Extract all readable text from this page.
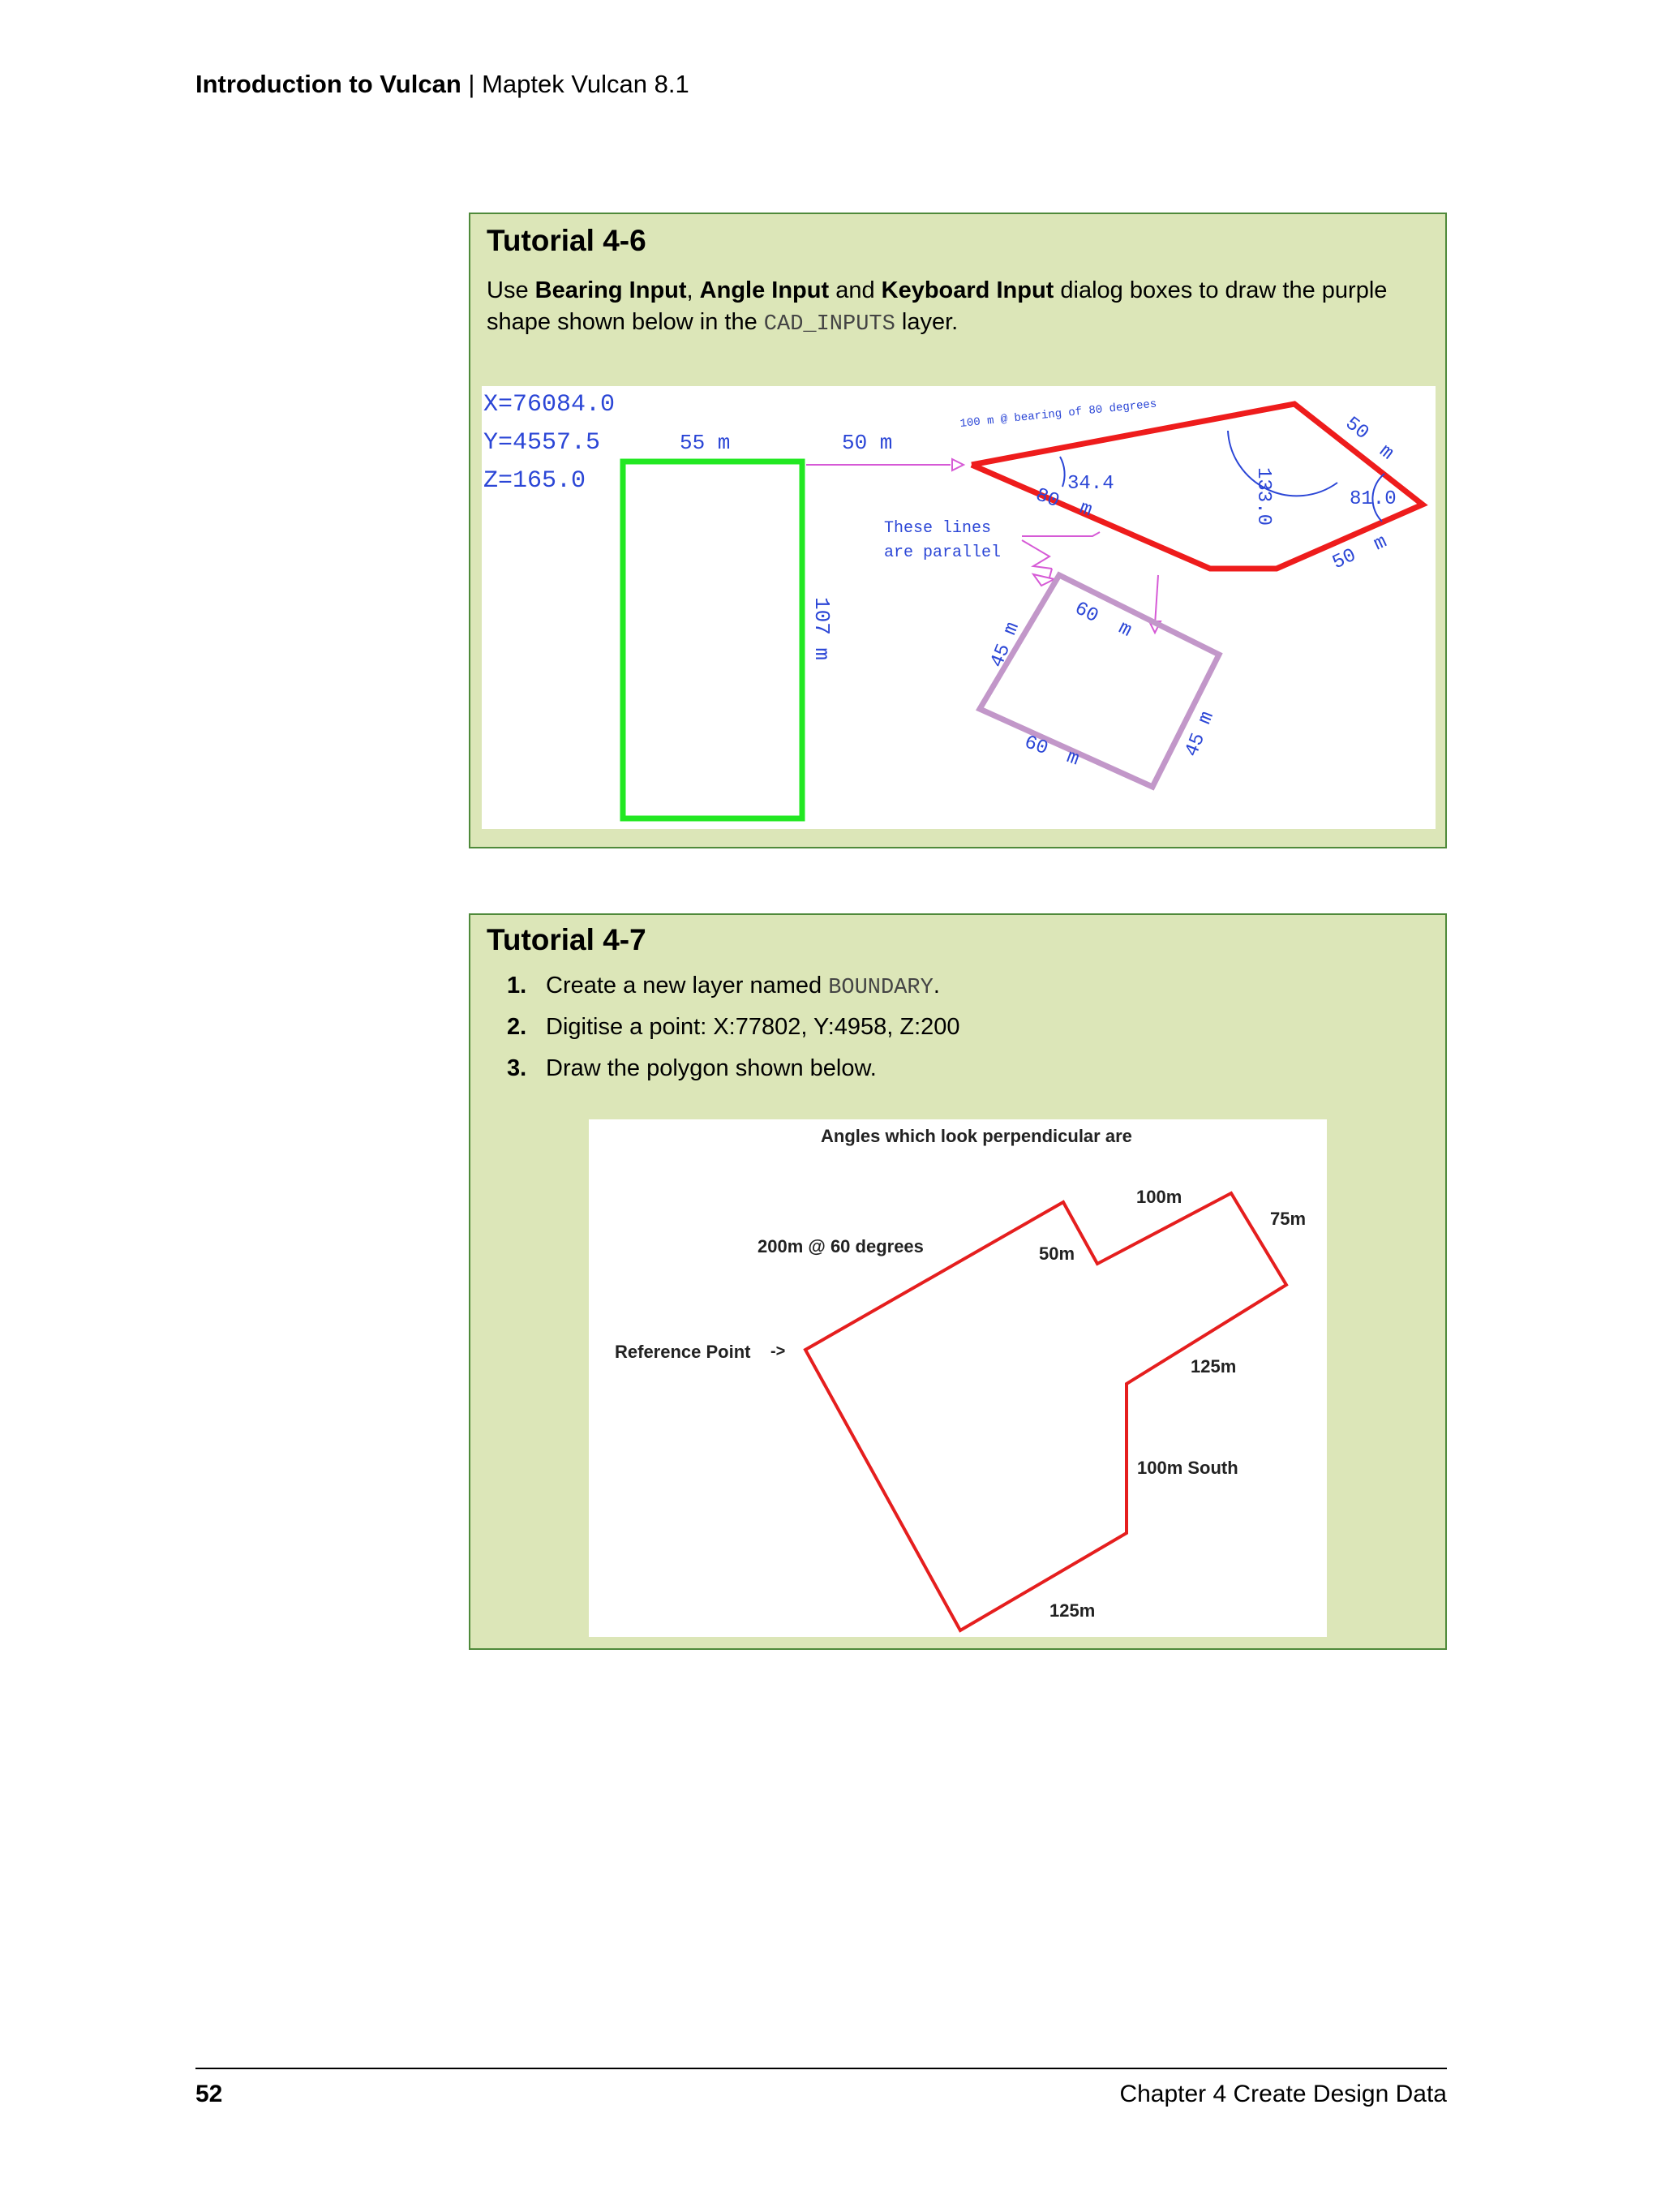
Introduction to Vulcan | Maptek Vulcan 8.1
Tutorial 4-6
Use Bearing Input, Angle Input and Keyboard Input dialog boxes to draw the purple shape shown below in the CAD_INPUTS layer.
X=76084.0
Y=4557.5
Z=165.0
55 m
107 m
50 m
100 m @ bearing of 80 degrees
34.4	133.0	81.0
80 m
50
m
50
m
These lines
are parallel
45 m
60
m
60 m	45 m
Tutorial 4-7
1. Create a new layer named BOUNDARY.
2. Digitise a point: X:77802, Y:4958, Z:200
3. Draw the polygon shown below.
Angles which look perpendicular are
200m @ 60 degrees	50m
100m
75m
125m
100m South
125m
Reference Point ->
52	Chapter 4 Create Design Data
